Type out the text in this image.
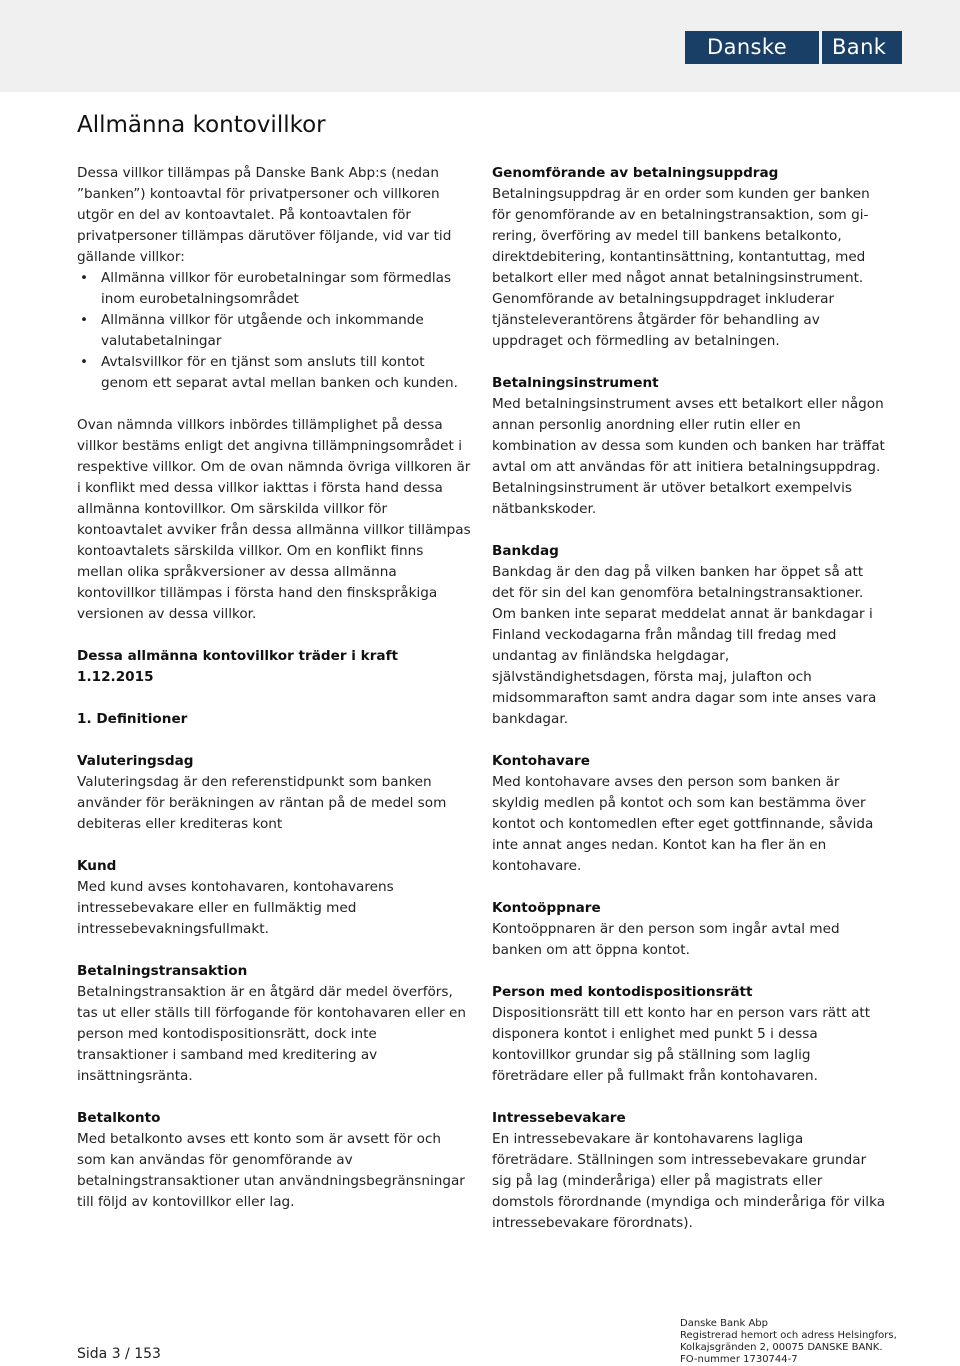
Danske	Bank
Allmänna kontovillkor
Dessa villkor tillämpas på Danske Bank Abp:s (nedan ”banken”) kontoavtal för privatpersoner och villkoren utgör en del av kontoavtalet. På kontoavtalen för privatpersoner tillämpas därutöver följande, vid var tid gällande villkor:
• Allmänna villkor för eurobetalningar som förmedlas inom eurobetalningsområdet
• Allmänna villkor för utgående och inkommande valutabetalningar
• Avtalsvillkor för en tjänst som ansluts till kontot genom ett separat avtal mellan banken och kunden.

Ovan nämnda villkors inbördes tillämplighet på dessa villkor bestäms enligt det angivna tillämpningsområdet i respektive villkor. Om de ovan nämnda övriga villkoren är i konflikt med dessa villkor iakttas i första hand dessa allmänna kontovillkor. Om särskilda villkor för kontoavtalet avviker från dessa allmänna villkor tillämpas kontoavtalets särskilda villkor. Om en konflikt finns mellan olika språkversioner av dessa allmänna kontovillkor tillämpas i första hand den finskspråkiga versionen av dessa villkor.

Dessa allmänna kontovillkor träder i kraft
1.12.2015
1. Definitioner
Valuteringsdag
Valuteringsdag är den referenstidpunkt som banken använder för beräkningen av räntan på de medel som debiteras eller krediteras kont
Kund
Med kund avses kontohavaren, kontohavarens intressebevakare eller en fullmäktig med intressebevakningsfullmakt.
Betalningstransaktion
Betalningstransaktion är en åtgärd där medel överförs, tas ut eller ställs till förfogande för kontohavaren eller en person med kontodispositionsrätt, dock inte transaktioner i samband med kreditering av insättningsränta.
Betalkonto
Med betalkonto avses ett konto som är avsett för och som kan användas för genomförande av betalningstransaktioner utan användningsbegränsningar till följd av kontovillkor eller lag.
Genomförande av betalningsuppdrag
Betalningsuppdrag är en order som kunden ger banken för genomförande av en betalningstransaktion, som gi-rering, överföring av medel till bankens betalkonto, direktdebitering, kontantinsättning, kontantuttag, med betalkort eller med något annat betalningsinstrument. Genomförande av betalningsuppdraget inkluderar tjänsteleverantörens åtgärder för behandling av uppdraget och förmedling av betalningen.
Betalningsinstrument
Med betalningsinstrument avses ett betalkort eller någon annan personlig anordning eller rutin eller en kombination av dessa som kunden och banken har träffat avtal om att användas för att initiera betalningsuppdrag. Betalningsinstrument är utöver betalkort exempelvis nätbankskoder.
Bankdag
Bankdag är den dag på vilken banken har öppet så att det för sin del kan genomföra betalningstransaktioner. Om banken inte separat meddelat annat är bankdagar i Finland veckodagarna från måndag till fredag med undantag av finländska helgdagar, självständighetsdagen, första maj, julafton och midsommarafton samt andra dagar som inte anses vara bankdagar.
Kontohavare
Med kontohavare avses den person som banken är skyldig medlen på kontot och som kan bestämma över kontot och kontomedlen efter eget gottfinnande, såvida inte annat anges nedan. Kontot kan ha fler än en kontohavare.
Kontoöppnare
Kontoöppnaren är den person som ingår avtal med banken om att öppna kontot.
Person med kontodispositionsrätt
Dispositionsrätt till ett konto har en person vars rätt att disponera kontot i enlighet med punkt 5 i dessa kontovillkor grundar sig på ställning som laglig företrädare eller på fullmakt från kontohavaren.
Intressebevakare
En intressebevakare är kontohavarens lagliga företrädare. Ställningen som intressebevakare grundar sig på lag (minderåriga) eller på magistrats eller domstols förordnande (myndiga och minderåriga för vilka intressebevakare förordnats).
Sida 3 / 153
Danske Bank Abp
Registrerad hemort och adress Helsingfors,
Kolkajsgränden 2, 00075 DANSKE BANK.
FO-nummer 1730744-7
